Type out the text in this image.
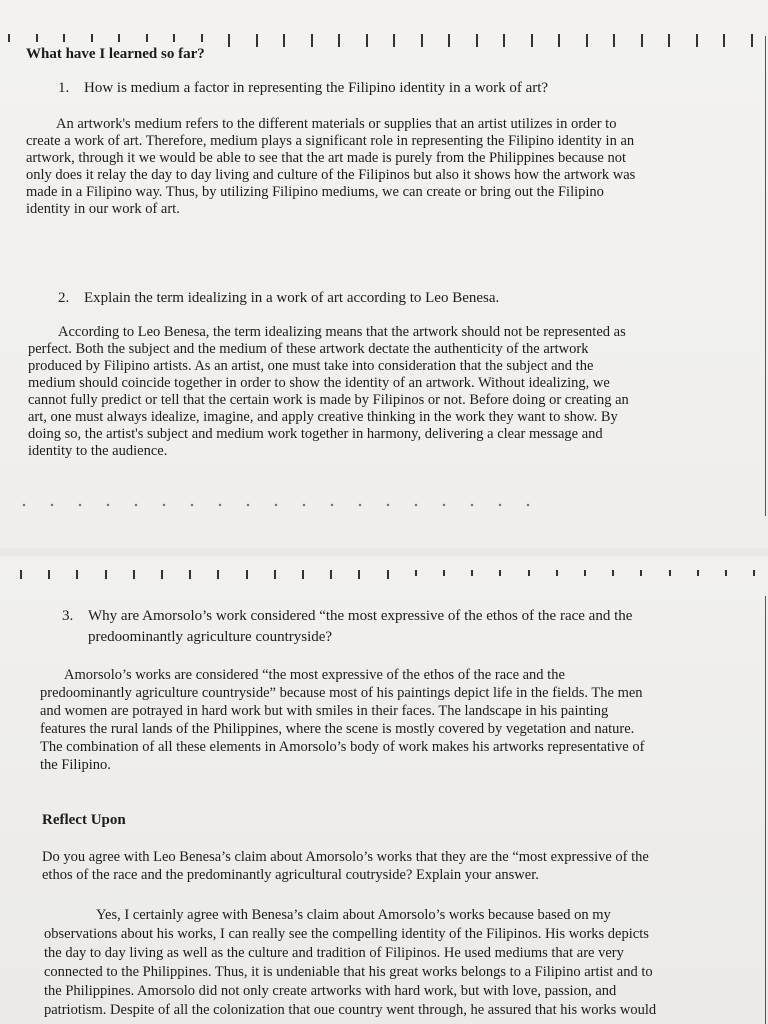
What have I learned so far?
1. How is medium a factor in representing the Filipino identity in a work of art?
An artwork's medium refers to the different materials or supplies that an artist utilizes in order to
create a work of art. Therefore, medium plays a significant role in representing the Filipino identity in an
artwork, through it we would be able to see that the art made is purely from the Philippines because not
only does it relay the day to day living and culture of the Filipinos but also it shows how the artwork was
made in a Filipino way. Thus, by utilizing Filipino mediums, we can create or bring out the Filipino
identity in our work of art.
2. Explain the term idealizing in a work of art according to Leo Benesa.
According to Leo Benesa, the term idealizing means that the artwork should not be represented as
perfect. Both the subject and the medium of these artwork dectate the authenticity of the artwork
produced by Filipino artists. As an artist, one must take into consideration that the subject and the
medium should coincide together in order to show the identity of an artwork. Without idealizing, we
cannot fully predict or tell that the certain work is made by Filipinos or not. Before doing or creating an
art, one must always idealize, imagine, and apply creative thinking in the work they want to show. By
doing so, the artist's subject and medium work together in harmony, delivering a clear message and
identity to the audience.
3. Why are Amorsolo’s work considered “the most expressive of the ethos of the race and the
predoominantly agriculture countryside?
Amorsolo’s works are considered “the most expressive of the ethos of the race and the
predoominantly agriculture countryside” because most of his paintings depict life in the fields. The men
and women are potrayed in hard work but with smiles in their faces. The landscape in his painting
features the rural lands of the Philippines, where the scene is mostly covered by vegetation and nature.
The combination of all these elements in Amorsolo’s body of work makes his artworks representative of
the Filipino.
Reflect Upon
Do you agree with Leo Benesa’s claim about Amorsolo’s works that they are the “most expressive of the
ethos of the race and the predominantly agricultural coutryside? Explain your answer.
Yes, I certainly agree with Benesa’s claim about Amorsolo’s works because based on my
observations about his works, I can really see the compelling identity of the Filipinos. His works depicts
the day to day living as well as the culture and tradition of Filipinos. He used mediums that are very
connected to the Philippines. Thus, it is undeniable that his great works belongs to a Filipino artist and to
the Philippines. Amorsolo did not only create artworks with hard work, but with love, passion, and
patriotism. Despite of all the colonization that oue country went through, he assured that his works would
